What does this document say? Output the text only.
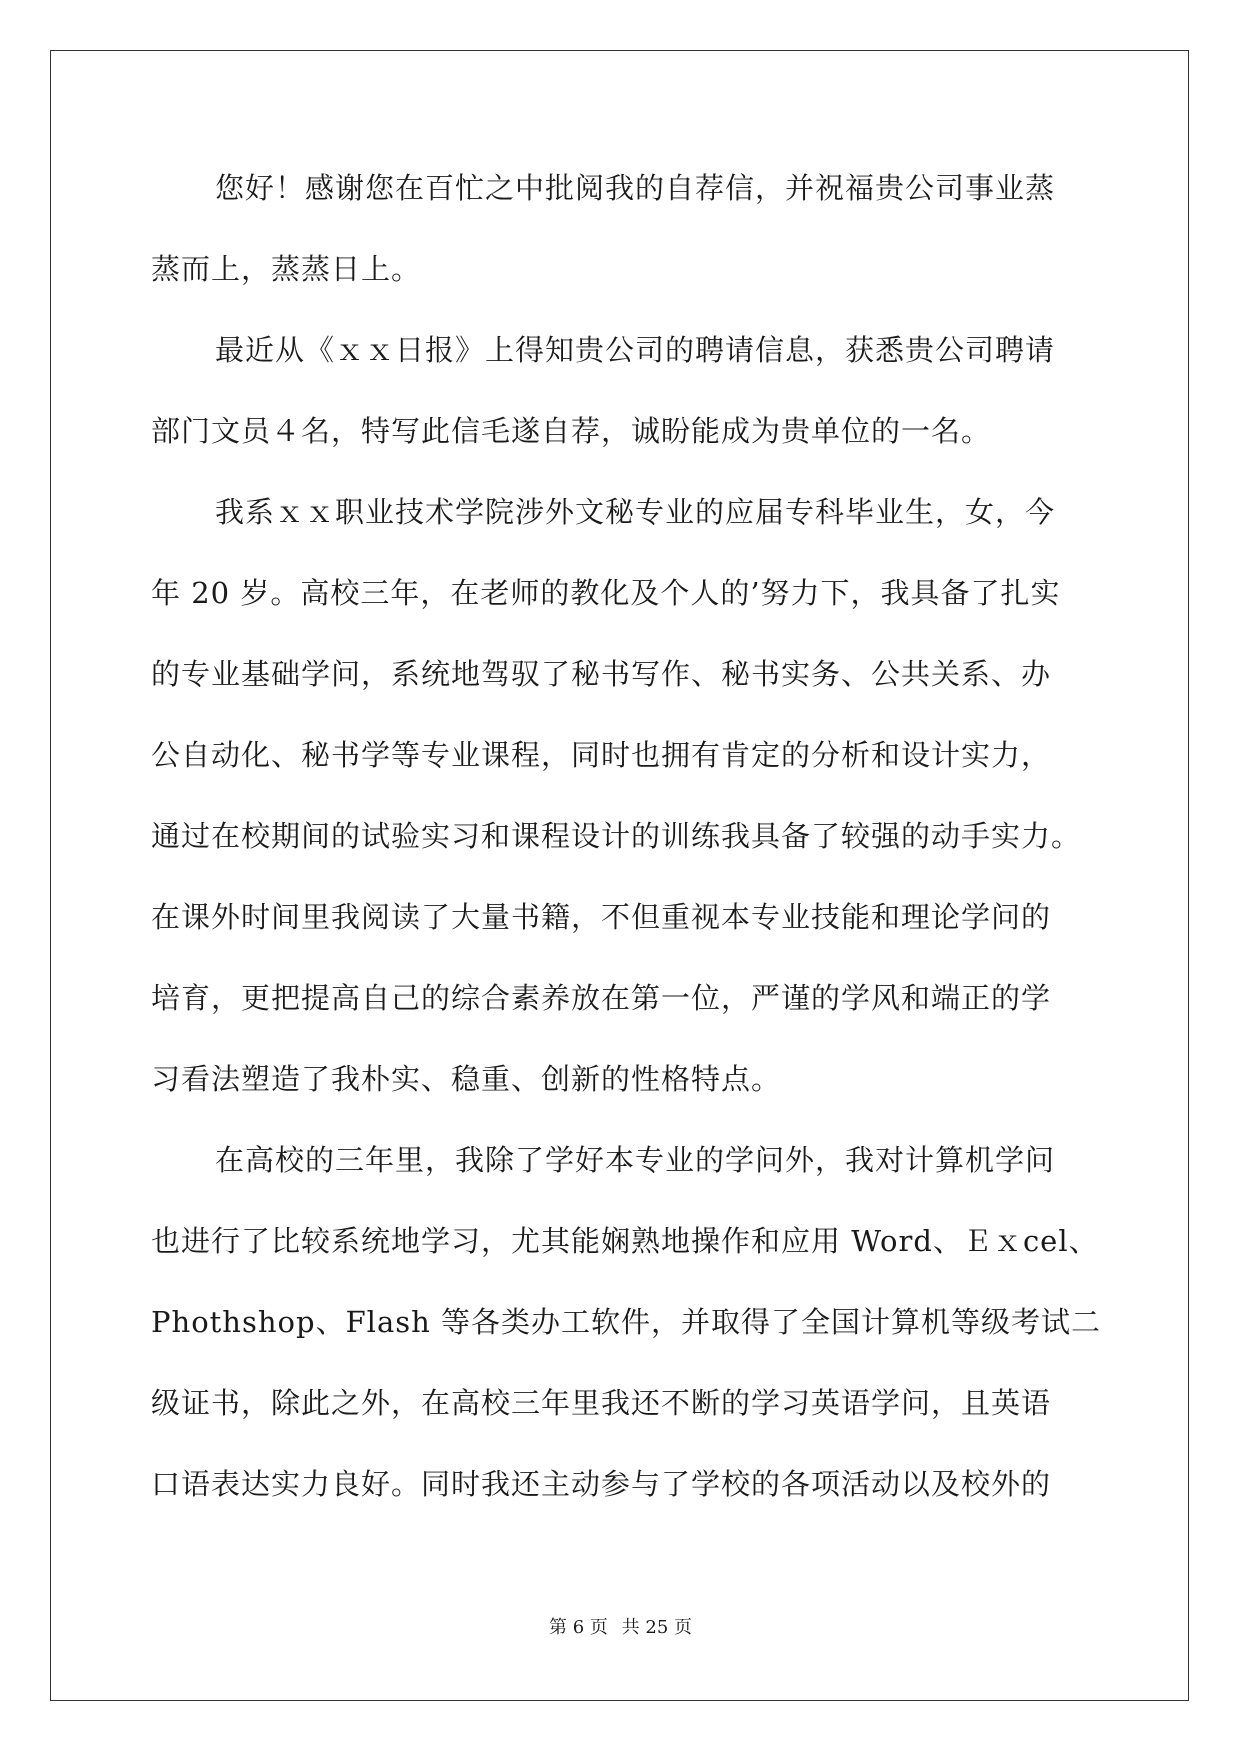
您好！感谢您在百忙之中批阅我的自荐信，并祝福贵公司事业蒸
蒸而上，蒸蒸日上。
最近从《ｘｘ日报》上得知贵公司的聘请信息，获悉贵公司聘请
部门文员４名，特写此信毛遂自荐，诚盼能成为贵单位的一名。
我系ｘｘ职业技术学院涉外文秘专业的应届专科毕业生，女，今
年 20 岁。高校三年，在老师的教化及个人的’努力下，我具备了扎实
的专业基础学问，系统地驾驭了秘书写作、秘书实务、公共关系、办
公自动化、秘书学等专业课程，同时也拥有肯定的分析和设计实力，
通过在校期间的试验实习和课程设计的训练我具备了较强的动手实力。
在课外时间里我阅读了大量书籍，不但重视本专业技能和理论学问的
培育，更把提高自己的综合素养放在第一位，严谨的学风和端正的学
习看法塑造了我朴实、稳重、创新的性格特点。
在高校的三年里，我除了学好本专业的学问外，我对计算机学问
也进行了比较系统地学习，尤其能娴熟地操作和应用 Word、Ｅｘcel、
Phothshop、Flash 等各类办工软件，并取得了全国计算机等级考试二
级证书，除此之外，在高校三年里我还不断的学习英语学问，且英语
口语表达实力良好。同时我还主动参与了学校的各项活动以及校外的
第 6 页 共 25 页
